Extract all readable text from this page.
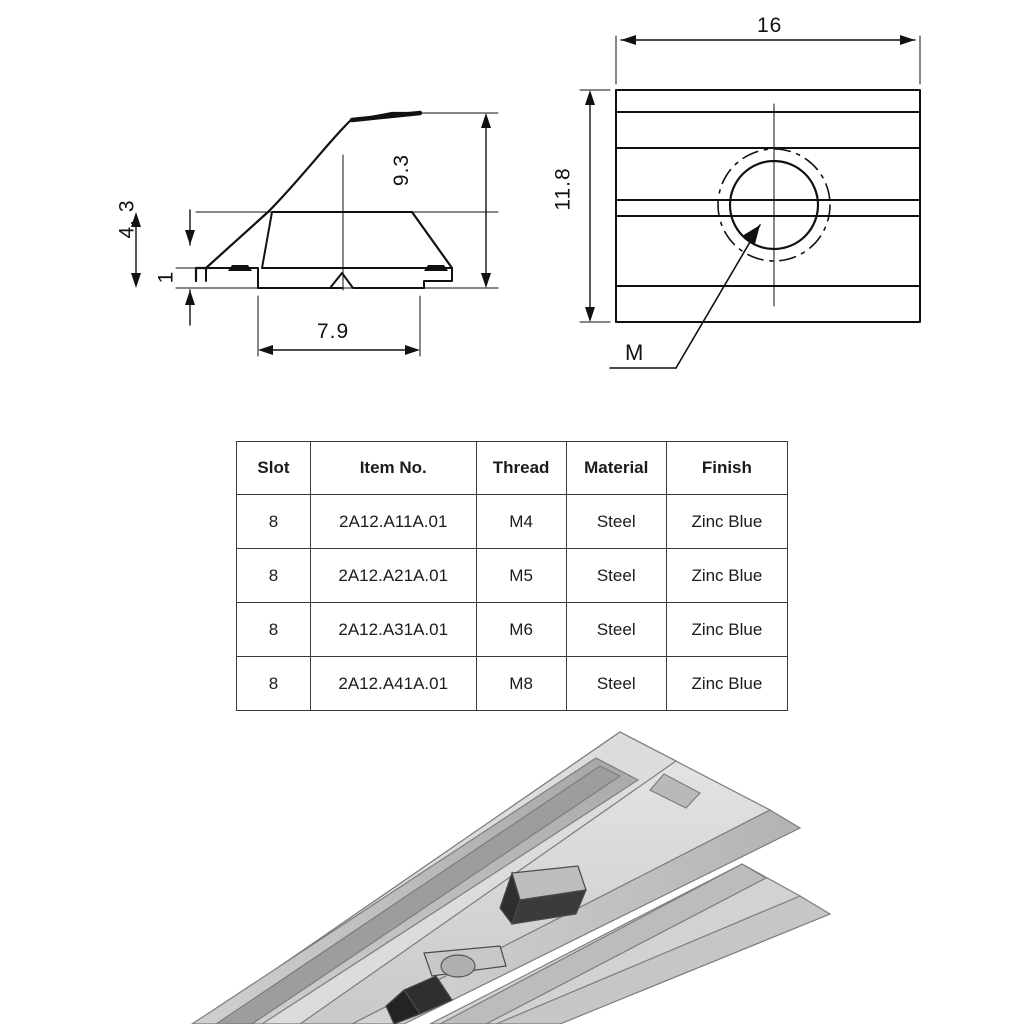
9.3
4. 3
1
7.9
16
11.8
M
Slot	Item No.	Thread	Material	Finish
8	2A12.A11A.01	M4	Steel	Zinc Blue
8	2A12.A21A.01	M5	Steel	Zinc Blue
8	2A12.A31A.01	M6	Steel	Zinc Blue
8	2A12.A41A.01	M8	Steel	Zinc Blue
